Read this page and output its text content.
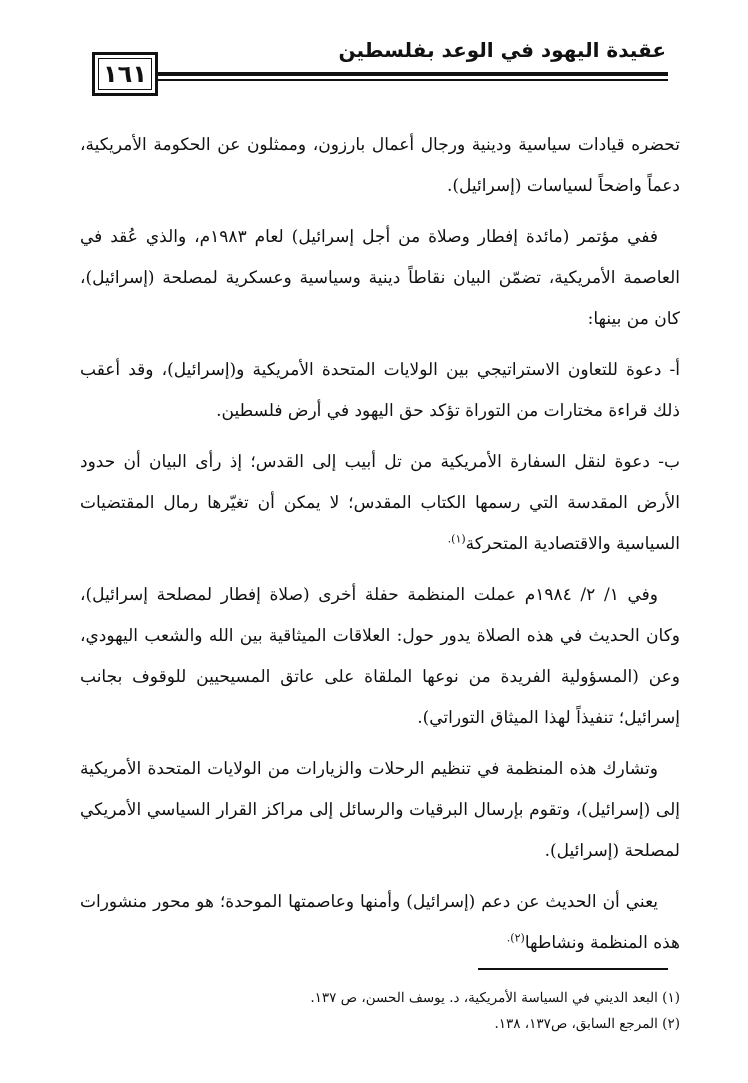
عقيدة اليهود في الوعد بفلسطين
١٦١

تحضره قيادات سياسية ودينية ورجال أعمال بارزون، وممثلون عن الحكومة الأمريكية، دعماً واضحاً لسياسات (إسرائيل).

ففي مؤتمر (مائدة إفطار وصلاة من أجل إسرائيل) لعام ١٩٨٣م، والذي عُقد في العاصمة الأمريكية، تضمّن البيان نقاطاً دينية وسياسية وعسكرية لمصلحة (إسرائيل)، كان من بينها:

أ- دعوة للتعاون الاستراتيجي بين الولايات المتحدة الأمريكية و(إسرائيل)، وقد أعقب ذلك قراءة مختارات من التوراة تؤكد حق اليهود في أرض فلسطين.

ب- دعوة لنقل السفارة الأمريكية من تل أبيب إلى القدس؛ إذ رأى البيان أن حدود الأرض المقدسة التي رسمها الكتاب المقدس؛ لا يمكن أن تغيّرها رمال المقتضيات السياسية والاقتصادية المتحركة$^{(١).}$

وفي ١/ ٢/ ١٩٨٤م عملت المنظمة حفلة أخرى (صلاة إفطار لمصلحة إسرائيل)، وكان الحديث في هذه الصلاة يدور حول: العلاقات الميثاقية بين الله والشعب اليهودي، وعن (المسؤولية الفريدة من نوعها الملقاة على عاتق المسيحيين للوقوف بجانب إسرائيل؛ تنفيذاً لهذا الميثاق التوراتي).

وتشارك هذه المنظمة في تنظيم الرحلات والزيارات من الولايات المتحدة الأمريكية إلى (إسرائيل)، وتقوم بإرسال البرقيات والرسائل إلى مراكز القرار السياسي الأمريكي لمصلحة (إسرائيل).

يعني أن الحديث عن دعم (إسرائيل) وأمنها وعاصمتها الموحدة؛ هو محور منشورات هذه المنظمة ونشاطها$^{(٢).}$

(١) البعد الديني في السياسة الأمريكية، د. يوسف الحسن، ص ١٣٧.
(٢) المرجع السابق، ص١٣٧، ١٣٨.
